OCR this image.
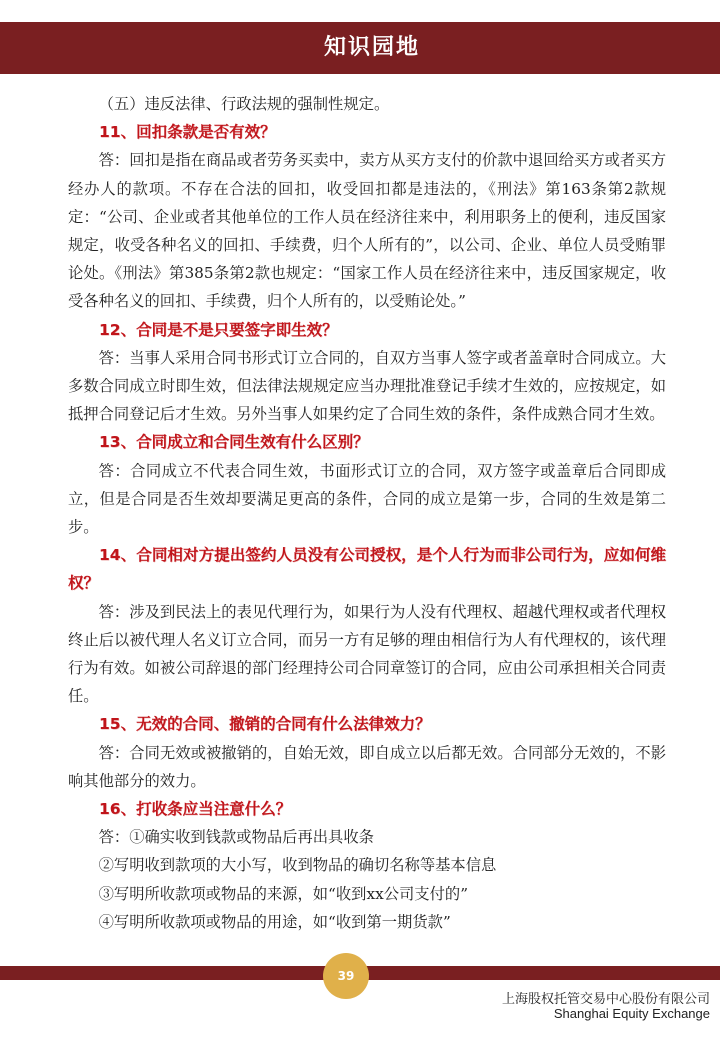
知识园地

（五）违反法律、行政法规的强制性规定。

11、回扣条款是否有效？

答：回扣是指在商品或者劳务买卖中，卖方从买方支付的价款中退回给买方或者买方经办人的款项。不存在合法的回扣，收受回扣都是违法的，《刑法》第163条第2款规定：“公司、企业或者其他单位的工作人员在经济往来中，利用职务上的便利，违反国家规定，收受各种名义的回扣、手续费，归个人所有的”，以公司、企业、单位人员受贿罪论处。《刑法》第385条第2款也规定：“国家工作人员在经济往来中，违反国家规定，收受各种名义的回扣、手续费，归个人所有的，以受贿论处。”

12、合同是不是只要签字即生效？

答：当事人采用合同书形式订立合同的，自双方当事人签字或者盖章时合同成立。大多数合同成立时即生效，但法律法规规定应当办理批准登记手续才生效的，应按规定，如抵押合同登记后才生效。另外当事人如果约定了合同生效的条件，条件成熟合同才生效。

13、合同成立和合同生效有什么区别？

答：合同成立不代表合同生效，书面形式订立的合同，双方签字或盖章后合同即成立，但是合同是否生效却要满足更高的条件，合同的成立是第一步，合同的生效是第二步。

14、合同相对方提出签约人员没有公司授权，是个人行为而非公司行为，应如何维权？

答：涉及到民法上的表见代理行为，如果行为人没有代理权、超越代理权或者代理权终止后以被代理人名义订立合同，而另一方有足够的理由相信行为人有代理权的，该代理行为有效。如被公司辞退的部门经理持公司合同章签订的合同，应由公司承担相关合同责任。

15、无效的合同、撤销的合同有什么法律效力？

答：合同无效或被撤销的，自始无效，即自成立以后都无效。合同部分无效的，不影响其他部分的效力。

16、打收条应当注意什么？

答：①确实收到钱款或物品后再出具收条

②写明收到款项的大小写，收到物品的确切名称等基本信息

③写明所收款项或物品的来源，如“收到xx公司支付的”

④写明所收款项或物品的用途，如“收到第一期货款”

39
上海股权托管交易中心股份有限公司
Shanghai Equity Exchange
